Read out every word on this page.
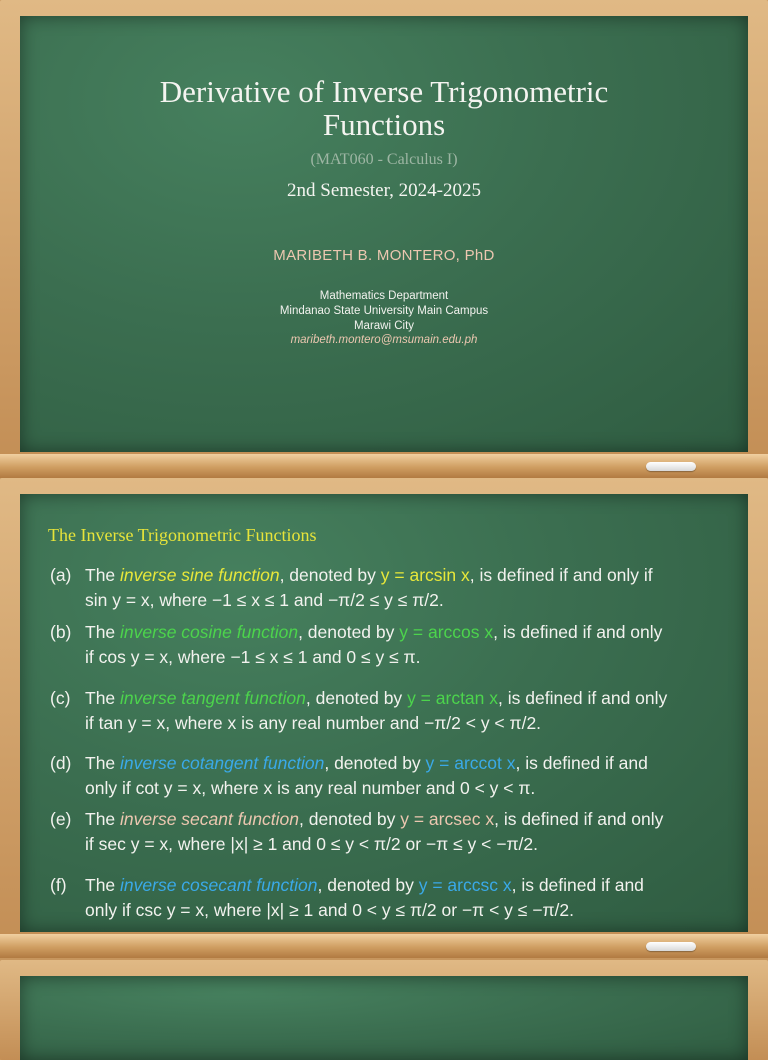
Derivative of Inverse Trigonometric
Functions
(MAT060 - Calculus I)
2nd Semester, 2024-2025
MARIBETH B. MONTERO, PhD
Mathematics Department
Mindanao State University Main Campus
Marawi City
maribeth.montero@msumain.edu.ph
The Inverse Trigonometric Functions
(a) The inverse sine function, denoted by y = arcsin x, is defined if and only if
sin y = x, where −1 ≤ x ≤ 1 and −π/2 ≤ y ≤ π/2.
(b) The inverse cosine function, denoted by y = arccos x, is defined if and only
if cos y = x, where −1 ≤ x ≤ 1 and 0 ≤ y ≤ π.
(c) The inverse tangent function, denoted by y = arctan x, is defined if and only
if tan y = x, where x is any real number and −π/2 < y < π/2.
(d) The inverse cotangent function, denoted by y = arccot x, is defined if and
only if cot y = x, where x is any real number and 0 < y < π.
(e) The inverse secant function, denoted by y = arcsec x, is defined if and only
if sec y = x, where |x| ≥ 1 and 0 ≤ y < π/2 or −π ≤ y < −π/2.
(f) The inverse cosecant function, denoted by y = arccsc x, is defined if and
only if csc y = x, where |x| ≥ 1 and 0 < y ≤ π/2 or −π < y ≤ −π/2.
